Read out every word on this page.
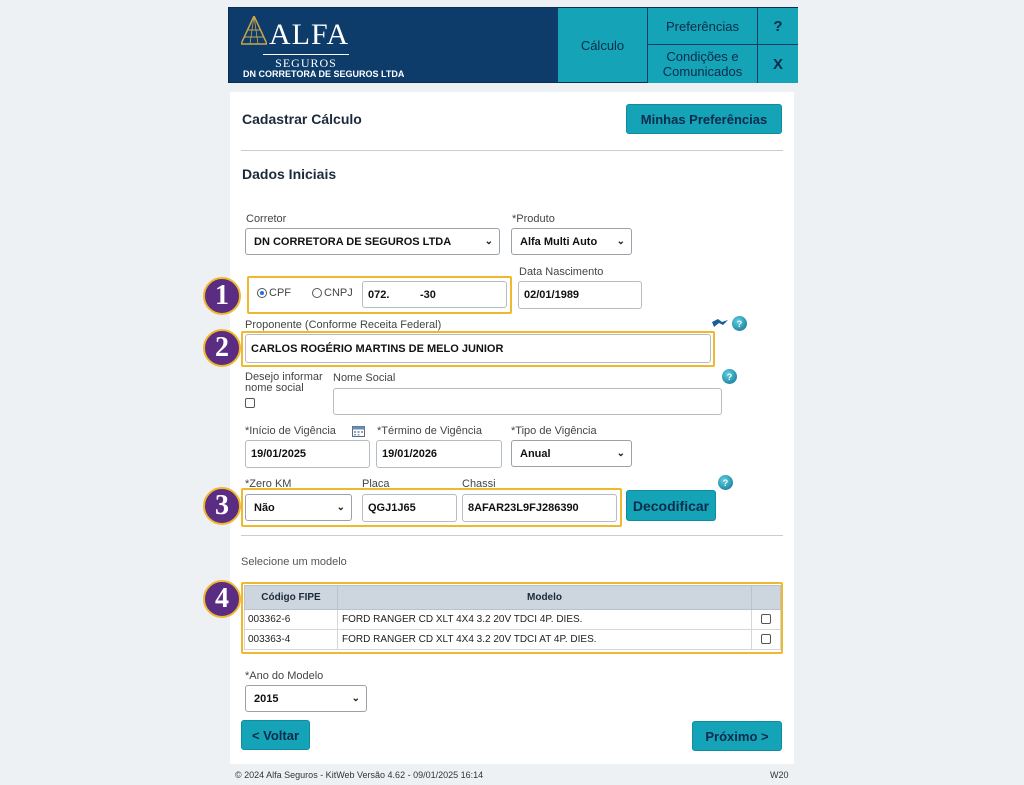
ALFA
SEGUROS
DN CORRETORA DE SEGUROS LTDA
Cálculo
Preferências
Condições e Comunicados
?
X
Cadastrar Cálculo	Minhas Preferências
Dados Iniciais
Corretor
DN CORRETORA DE SEGUROS LTDA	⌄
*Produto
Alfa Multi Auto ⌄
1	CPF	CNPJ	072.          -30
Data Nascimento
02/01/1989
Proponente (Conforme Receita Federal)	?
2	CARLOS ROGÉRIO MARTINS DE MELO JUNIOR
Desejo informar nome social
Nome Social	?
*Início de Vigência
19/01/2025
*Término de Vigência
19/01/2026
*Tipo de Vigência
Anual	⌄
*Zero KM	Placa	Chassi	?
3	Não	⌄	QGJ1J65	8AFAR23L9FJ286390	Decodificar
Selecione um modelo
4	Código FIPE	Modelo	
003362-6	FORD RANGER CD XLT 4X4 3.2 20V TDCI 4P. DIES.	

003363-4	FORD RANGER CD XLT 4X4 3.2 20V TDCI AT 4P. DIES.	
*Ano do Modelo
2015	⌄
< Voltar	Próximo >
© 2024 Alfa Seguros - KitWeb Versão 4.62 - 09/01/2025 16:14	W20
